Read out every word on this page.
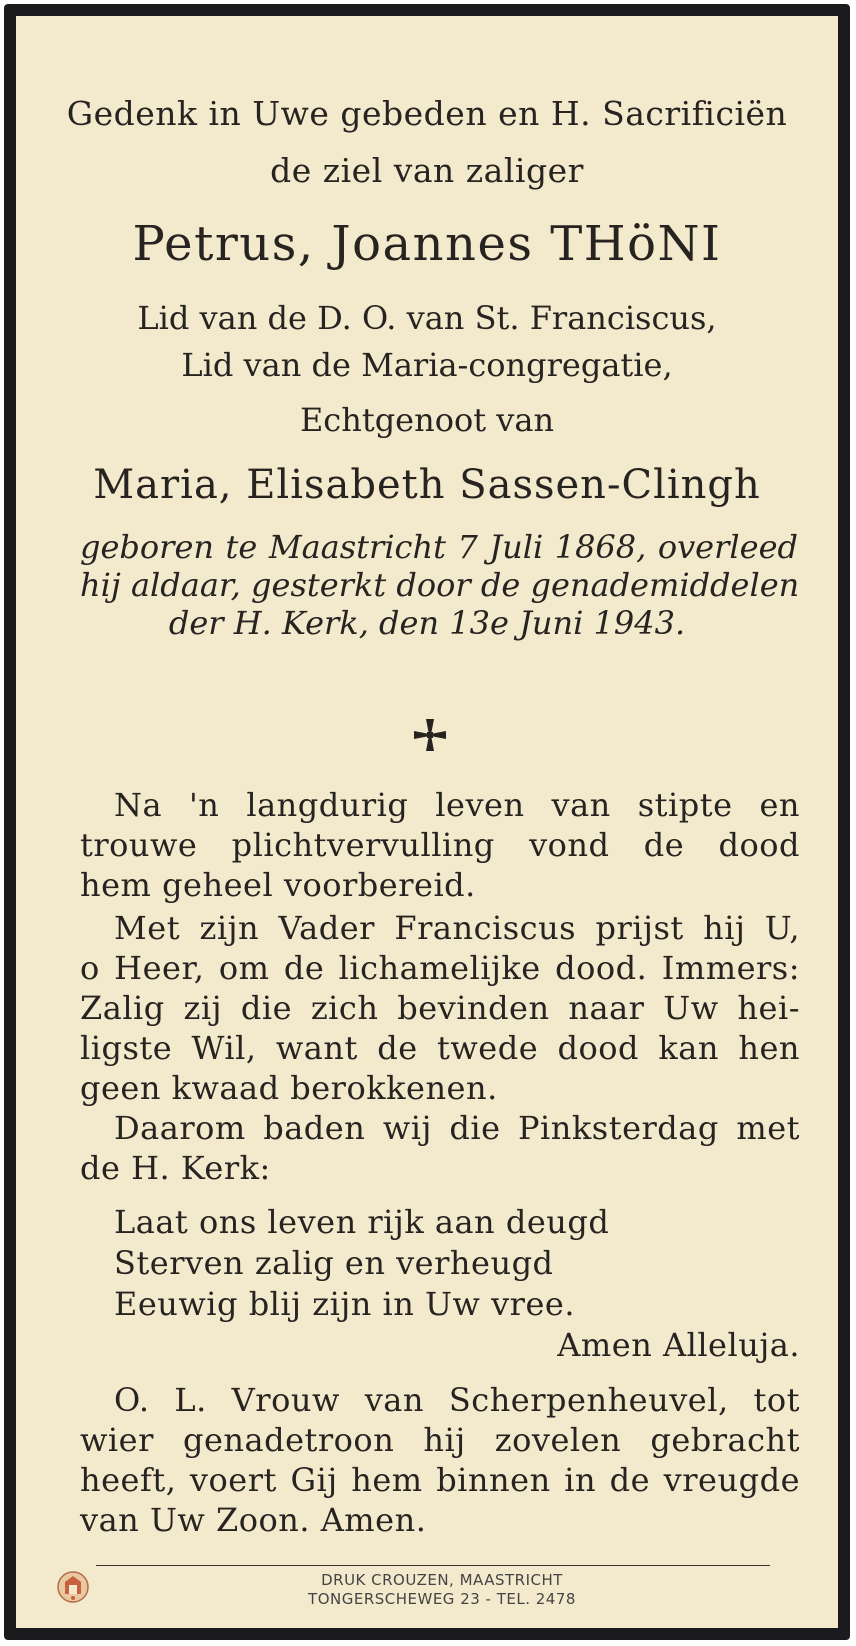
Gedenk in Uwe gebeden en H. Sacrificiën
de ziel van zaliger
Petrus, Joannes THöNI
Lid van de D. O. van St. Franciscus,
Lid van de Maria-congregatie,
Echtgenoot van
Maria, Elisabeth Sassen-Clingh
geboren te Maastricht 7 Juli 1868, overleed
hij aldaar, gesterkt door de genademiddelen
der H. Kerk, den 13e Juni 1943.
Na 'n langdurig leven van stipte en
trouwe plichtvervulling vond de dood
hem geheel voorbereid.
Met zijn Vader Franciscus prijst hij U,
o Heer, om de lichamelijke dood. Immers:
Zalig zij die zich bevinden naar Uw hei-
ligste Wil, want de twede dood kan hen
geen kwaad berokkenen.
Daarom baden wij die Pinksterdag met
de H. Kerk:
Laat ons leven rijk aan deugd
Sterven zalig en verheugd
Eeuwig blij zijn in Uw vree.
Amen Alleluja.
O. L. Vrouw van Scherpenheuvel, tot
wier genadetroon hij zovelen gebracht
heeft, voert Gij hem binnen in de vreugde
van Uw Zoon. Amen.
DRUK CROUZEN, MAASTRICHT
TONGERSCHEWEG 23 - TEL. 2478
